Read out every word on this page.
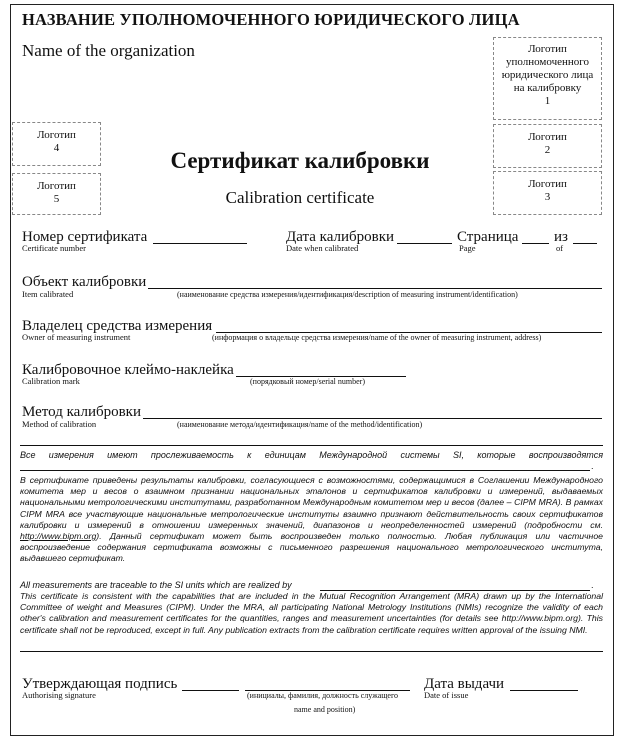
НАЗВАНИЕ УПОЛНОМОЧЕННОГО ЮРИДИЧЕСКОГО ЛИЦА
Name of the organization	Логотип уполномоченного юридического лица на калибровку
1
Логотип
2
Логотип
3
Логотип
4
Логотип
5
Сертификат калибровки
Calibration certificate
Номер сертификата
Certificate number
Дата калибровки
Date when calibrated
Страница
Page
из
of
Объект калибровки
Item calibrated	(наименование средства измерения/идентификация/description of measuring instrument/identification)
Владелец средства измерения
Owner of measuring instrument	(информация о владельце средства измерения/name of the owner of measuring instrument, address)
Калибровочное клеймо-наклейка
Calibration mark	(порядковый номер/serial number)
Метод калибровки
Method of calibration	(наименование метода/идентификация/name of the method/identification)
Все измерения имеют прослеживаемость к единицам Международной системы SI, которые воспроизводятся
.
В сертификате приведены результаты калибровки, согласующиеся с возможностями, содержащимися в Соглашении Международного комитета мер и весов о взаимном признании национальных эталонов и сертификатов калибровки и измерений, выдаваемых национальными метрологическими институтами, разработанном Международным комитетом мер и весов (далее – CIPM MRA). В рамках CIPM MRA все участвующие национальные метрологические институты взаимно признают действительность своих сертификатов калибровки и измерений в отношении измеренных значений, диапазонов и неопределенностей измерений (подробности см. http://www.bipm.org). Данный сертификат может быть воспроизведен только полностью. Любая публикация или частичное воспроизведение содержания сертификата возможны с письменного разрешения национального метрологического института, выдавшего сертификат.
All measurements are traceable to the SI units which are realized by	.
This certificate is consistent with the capabilities that are included in the Mutual Recognition Arrangement (MRA) drawn up by the International Committee of weight and Measures (CIPM). Under the MRA, all participating National Metrology Institutions (NMIs) recognize the validity of each other's calibration and measurement certificates for the quantities, ranges and measurement uncertainties (for details see http://www.bipm.org). This certificate shall not be reproduced, except in full. Any publication extracts from the calibration certificate requires written approval of the issuing NMI.
Утверждающая подпись
Authorising signature	(инициалы, фамилия, должность служащего
name and position)
Дата выдачи
Date of issue
